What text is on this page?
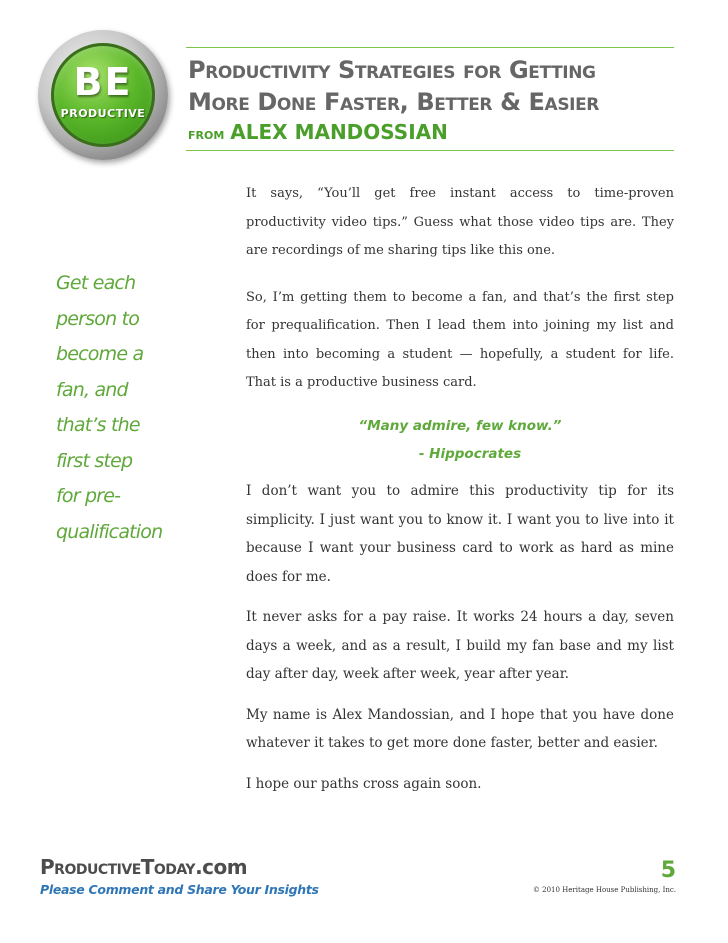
BE
PRODUCTIVE
Productivity Strategies for Getting
More Done Faster, Better & Easier
from ALEX MANDOSSIAN
Get each
person to
become a
fan, and
that’s the
first step
for pre-
qualification

It says, “You’ll get free instant access to time-proven productivity video tips.” Guess what those video tips are. They are recordings of me sharing tips like this one.

So, I’m getting them to become a fan, and that’s the first step for prequalification. Then I lead them into joining my list and then into becoming a student — hopefully, a student for life. That is a productive business card.

“Many admire, few know.”
- Hippocrates

I don’t want you to admire this productivity tip for its simplicity. I just want you to know it. I want you to live into it because I want your business card to work as hard as mine does for me.

It never asks for a pay raise. It works 24 hours a day, seven days a week, and as a result, I build my fan base and my list day after day, week after week, year after year.

My name is Alex Mandossian, and I hope that you have done whatever it takes to get more done faster, better and easier.

I hope our paths cross again soon.

ProductiveToday.com
Please Comment and Share Your Insights
5
© 2010 Heritage House Publishing, Inc.
